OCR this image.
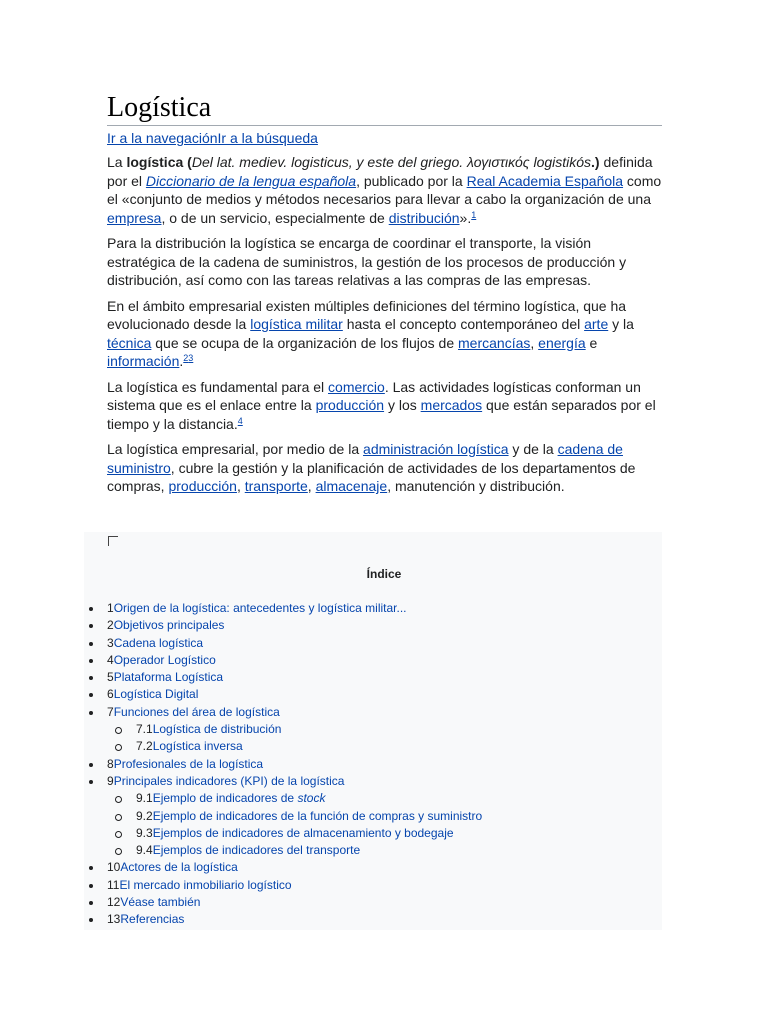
Logística
Ir a la navegaciónIr a la búsqueda

La logística (Del lat. mediev. logisticus, y este del griego. λογιστικός logistikós.) definida por el Diccionario de la lengua española, publicado por la Real Academia Española como el «conjunto de medios y métodos necesarios para llevar a cabo la organización de una empresa, o de un servicio, especialmente de distribución».$^1$

Para la distribución la logística se encarga de coordinar el transporte, la visión estratégica de la cadena de suministros, la gestión de los procesos de producción y distribución, así como con las tareas relativas a las compras de las empresas.

En el ámbito empresarial existen múltiples definiciones del término logística, que ha evolucionado desde la logística militar hasta el concepto contemporáneo del arte y la técnica que se ocupa de la organización de los flujos de mercancías, energía e información.$^{23}$

La logística es fundamental para el comercio. Las actividades logísticas conforman un sistema que es el enlace entre la producción y los mercados que están separados por el tiempo y la distancia.$^4$

La logística empresarial, por medio de la administración logística y de la cadena de suministro, cubre la gestión y la planificación de actividades de los departamentos de compras, producción, transporte, almacenaje, manutención y distribución.

Índice
1Origen de la logística: antecedentes y logística militar...
2Objetivos principales
3Cadena logística
4Operador Logístico
5Plataforma Logística
6Logística Digital
7Funciones del área de logística
7.1Logística de distribución
7.2Logística inversa
8Profesionales de la logística
9Principales indicadores (KPI) de la logística
9.1Ejemplo de indicadores de stock
9.2Ejemplo de indicadores de la función de compras y suministro
9.3Ejemplos de indicadores de almacenamiento y bodegaje
9.4Ejemplos de indicadores del transporte
10Actores de la logística
11El mercado inmobiliario logístico
12Véase también
13Referencias
